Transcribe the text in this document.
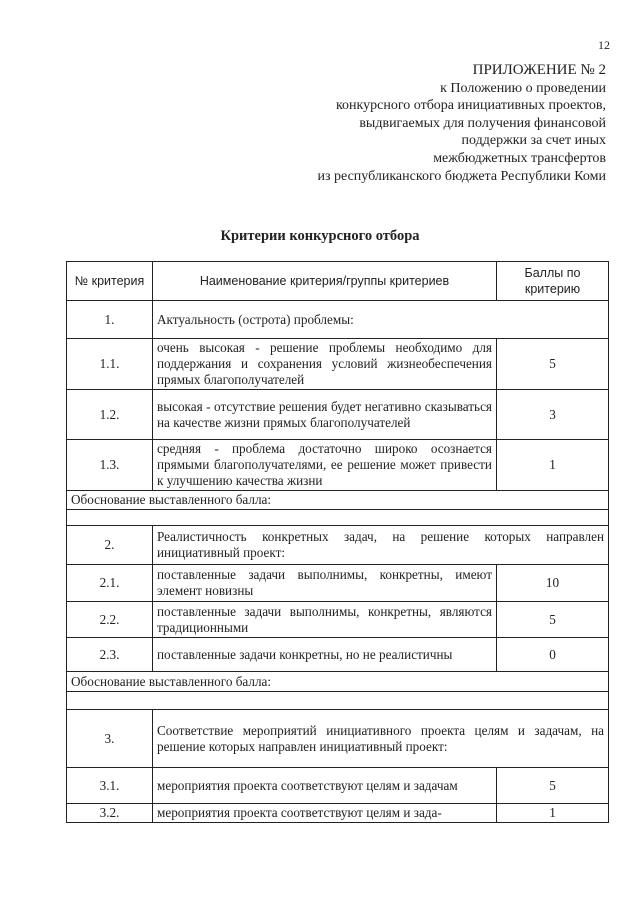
12
ПРИЛОЖЕНИЕ № 2
к Положению о проведении
конкурсного отбора инициативных проектов,
выдвигаемых для получения финансовой
поддержки за счет иных
межбюджетных трансфертов
из республиканского бюджета Республики Коми
Критерии конкурсного отбора
№ критерия	Наименование критерия/группы критериев	Баллы по критерию
1.	Актуальность (острота) проблемы:	
1.1.	очень высокая - решение проблемы необходимо для поддержания и сохранения условий жизнеобеспечения прямых благополучателей	5
1.2.	высокая - отсутствие решения будет негативно сказываться на качестве жизни прямых благополучателей	3
1.3.	средняя - проблема достаточно широко осознается прямыми благополучателями, ее решение может привести к улучшению качества жизни	1
Обоснование выставленного балла:		

2.	Реалистичность конкретных задач, на решение которых направлен инициативный проект:	
2.1.	поставленные задачи выполнимы, конкретны, имеют элемент новизны	10
2.2.	поставленные задачи выполнимы, конкретны, являются традиционными	5
2.3.	поставленные задачи конкретны, но не реалистичны	0
Обоснование выставленного балла:		

3.	Соответствие мероприятий инициативного проекта целям и задачам, на решение которых направлен инициативный проект:	
3.1.	мероприятия проекта соответствуют целям и задачам	5
3.2.	мероприятия проекта соответствуют целям и зада-	1
